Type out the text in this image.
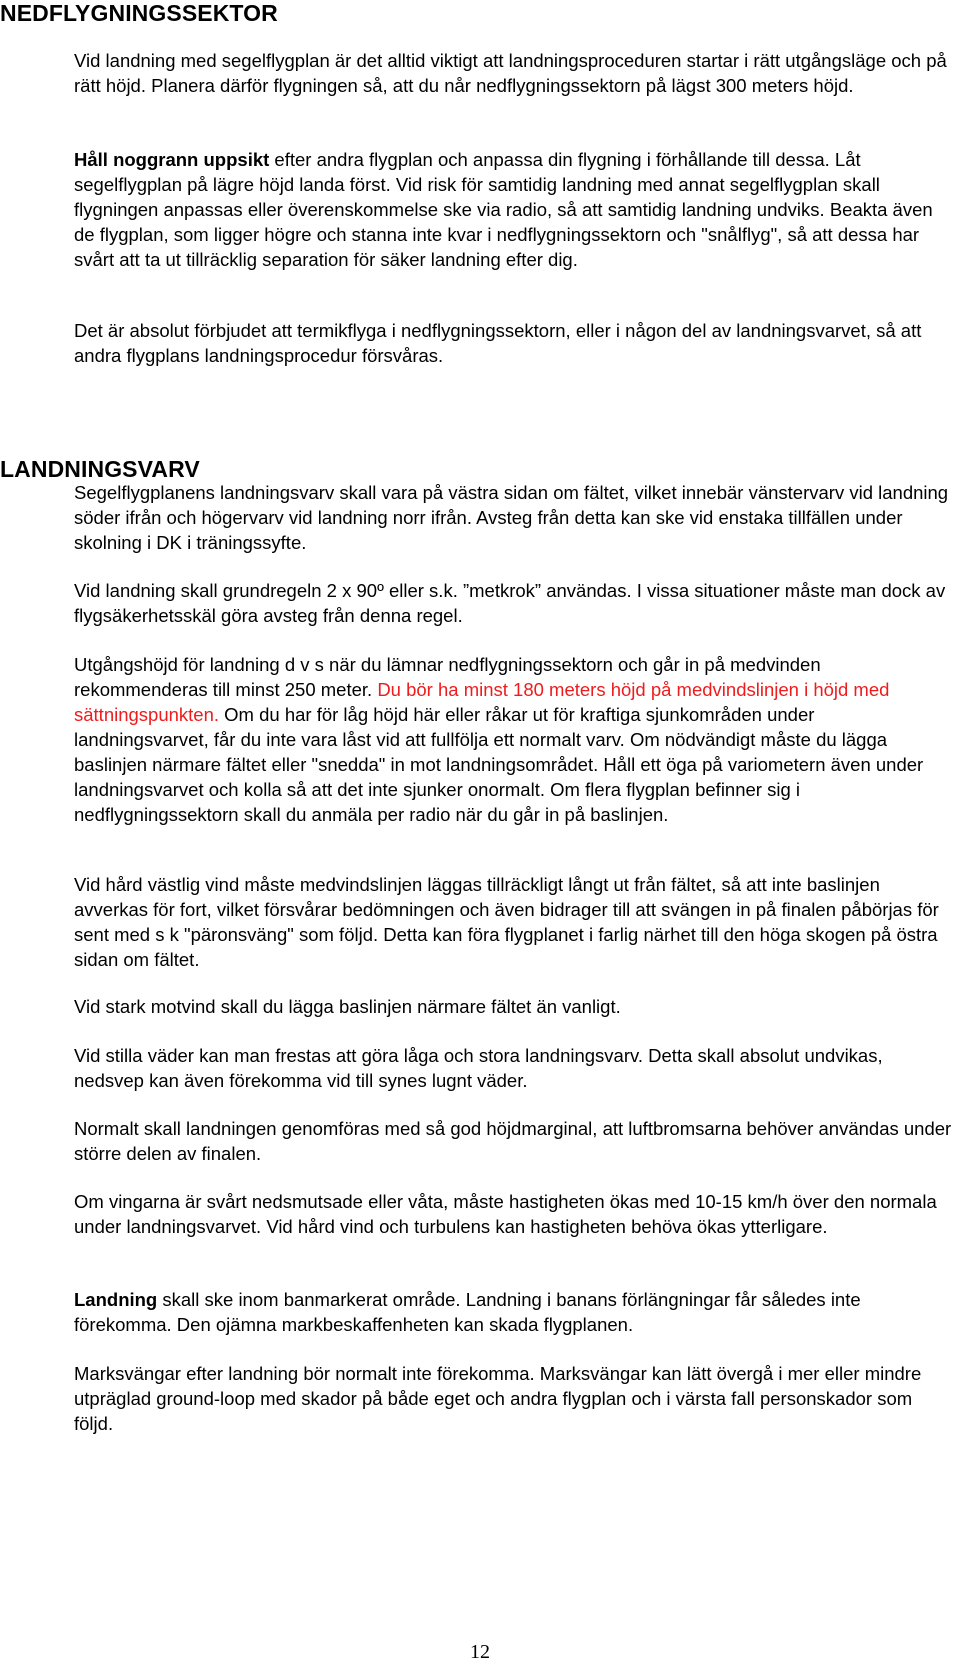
NEDFLYGNINGSSEKTOR

Vid landning med segelflygplan är det alltid viktigt att landningsproceduren startar i rätt utgångsläge och på rätt höjd. Planera därför flygningen så, att du når nedflygningssektorn på lägst 300 meters höjd.

Håll noggrann uppsikt efter andra flygplan och anpassa din flygning i förhållande till dessa. Låt segelflygplan på lägre höjd landa först. Vid risk för samtidig landning med annat segelflygplan skall flygningen anpassas eller överenskommelse ske via radio, så att samtidig landning undviks. Beakta även de flygplan, som ligger högre och stanna inte kvar i nedflygningssektorn och "snålflyg", så att dessa har svårt att ta ut tillräcklig separation för säker landning efter dig.

Det är absolut förbjudet att termikflyga i nedflygningssektorn, eller i någon del av landningsvarvet, så att andra flygplans landningsprocedur försvåras.

LANDNINGSVARV

Segelflygplanens landningsvarv skall vara på västra sidan om fältet, vilket innebär vänstervarv vid landning söder ifrån och högervarv vid landning norr ifrån. Avsteg från detta kan ske vid enstaka tillfällen under skolning i DK i träningssyfte.

Vid landning skall grundregeln 2 x 90º eller s.k. ”metkrok” användas. I vissa situationer måste man dock av flygsäkerhetsskäl göra avsteg från denna regel.

Utgångshöjd för landning d v s när du lämnar nedflygningssektorn och går in på medvinden rekommenderas till minst 250 meter. Du bör ha minst 180 meters höjd på medvindslinjen i höjd med sättningspunkten. Om du har för låg höjd här eller råkar ut för kraftiga sjunkområden under landningsvarvet, får du inte vara låst vid att fullfölja ett normalt varv. Om nödvändigt måste du lägga baslinjen närmare fältet eller "snedda" in mot landningsområdet. Håll ett öga på variometern även under landningsvarvet och kolla så att det inte sjunker onormalt. Om flera flygplan befinner sig i nedflygningssektorn skall du anmäla per radio när du går in på baslinjen.

Vid hård västlig vind måste medvindslinjen läggas tillräckligt långt ut från fältet, så att inte baslinjen avverkas för fort, vilket försvårar bedömningen och även bidrager till att svängen in på finalen påbörjas för sent med s k "päronsväng" som följd. Detta kan föra flygplanet i farlig närhet till den höga skogen på östra sidan om fältet.

Vid stark motvind skall du lägga baslinjen närmare fältet än vanligt.

Vid stilla väder kan man frestas att göra låga och stora landningsvarv. Detta skall absolut undvikas, nedsvep kan även förekomma vid till synes lugnt väder.

Normalt skall landningen genomföras med så god höjdmarginal, att luftbromsarna behöver användas under större delen av finalen.

Om vingarna är svårt nedsmutsade eller våta, måste hastigheten ökas med 10-15 km/h över den normala under landningsvarvet. Vid hård vind och turbulens kan hastigheten behöva ökas ytterligare.

Landning skall ske inom banmarkerat område. Landning i banans förlängningar får således inte förekomma. Den ojämna markbeskaffenheten kan skada flygplanen.

Marksvängar efter landning bör normalt inte förekomma. Marksvängar kan lätt övergå i mer eller mindre utpräglad ground-loop med skador på både eget och andra flygplan och i värsta fall personskador som följd.

12
